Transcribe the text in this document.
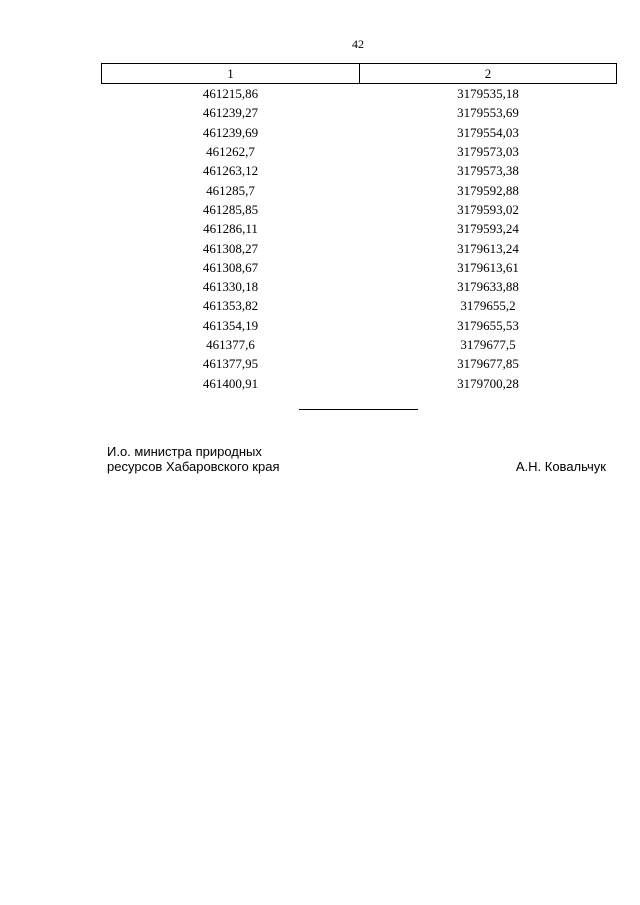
42
1	2
461215,86	3179535,18
461239,27	3179553,69
461239,69	3179554,03
461262,7	3179573,03
461263,12	3179573,38
461285,7	3179592,88
461285,85	3179593,02
461286,11	3179593,24
461308,27	3179613,24
461308,67	3179613,61
461330,18	3179633,88
461353,82	3179655,2
461354,19	3179655,53
461377,6	3179677,5
461377,95	3179677,85
461400,91	3179700,28
И.о. министра природных
ресурсов Хабаровского края	А.Н. Ковальчук
